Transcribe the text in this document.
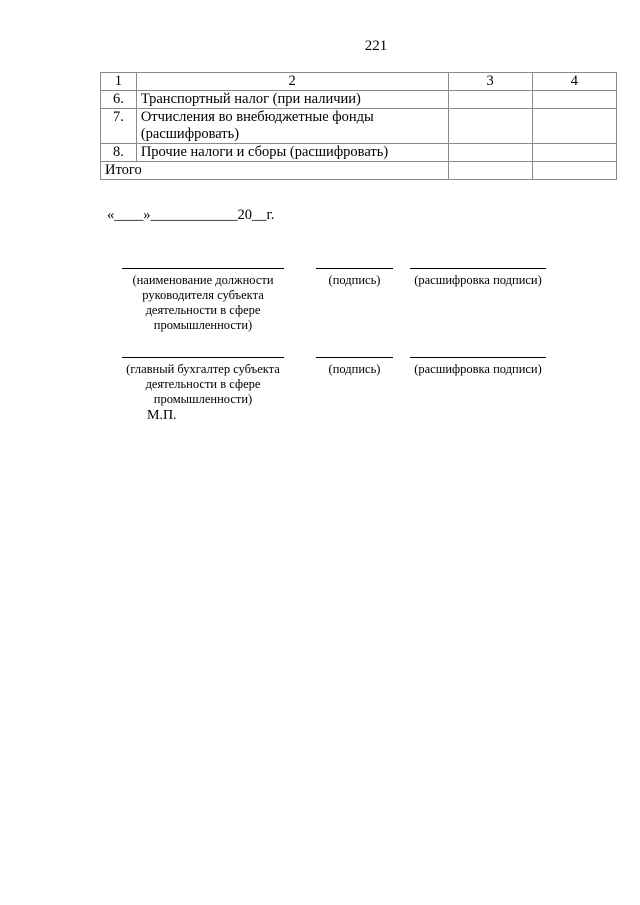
221
1	2	3	4
6.	Транспортный налог (при наличии)		
7.	Отчисления во внебюджетные фонды (расшифровать)		
8.	Прочие налоги и сборы (расшифровать)		
Итого			
«____»____________20__г.
(наименование должности руководителя субъекта деятельности в сфере промышленности)
(подпись)	(расшифровка подписи)
(главный бухгалтер субъекта деятельности в сфере промышленности)
(подпись)	(расшифровка подписи)
М.П.
